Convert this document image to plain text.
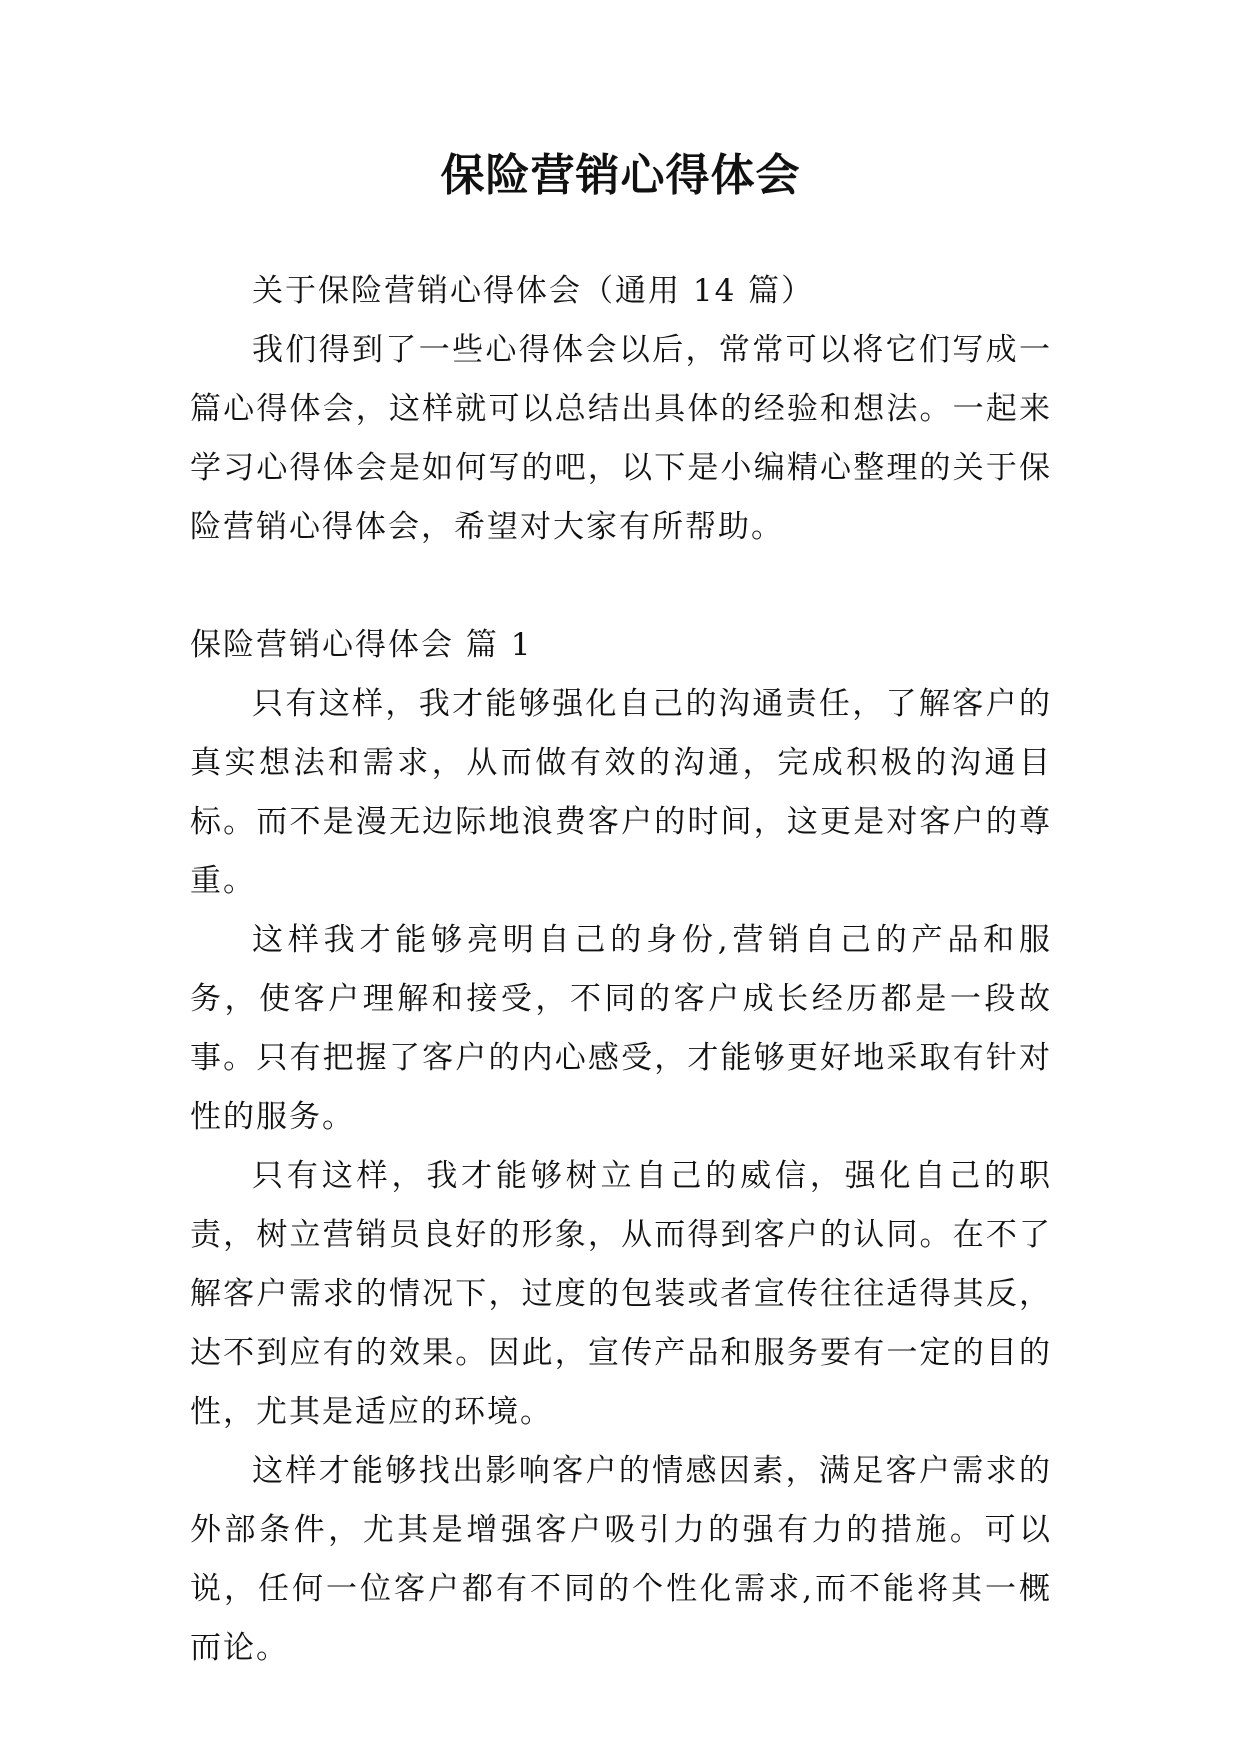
保险营销心得体会

关于保险营销心得体会（通用 14 篇）

我们得到了一些心得体会以后，常常可以将它们写成一篇心得体会，这样就可以总结出具体的经验和想法。一起来学习心得体会是如何写的吧，以下是小编精心整理的关于保险营销心得体会，希望对大家有所帮助。

保险营销心得体会 篇 1

只有这样，我才能够强化自己的沟通责任，了解客户的真实想法和需求，从而做有效的沟通，完成积极的沟通目标。而不是漫无边际地浪费客户的时间，这更是对客户的尊重。

这样我才能够亮明自己的身份,营销自己的产品和服务，使客户理解和接受，不同的客户成长经历都是一段故事。只有把握了客户的内心感受，才能够更好地采取有针对性的服务。

只有这样，我才能够树立自己的威信，强化自己的职责，树立营销员良好的形象，从而得到客户的认同。在不了解客户需求的情况下，过度的包装或者宣传往往适得其反，达不到应有的效果。因此，宣传产品和服务要有一定的目的性，尤其是适应的环境。

这样才能够找出影响客户的情感因素，满足客户需求的外部条件，尤其是增强客户吸引力的强有力的措施。可以说，任何一位客户都有不同的个性化需求,而不能将其一概而论。
